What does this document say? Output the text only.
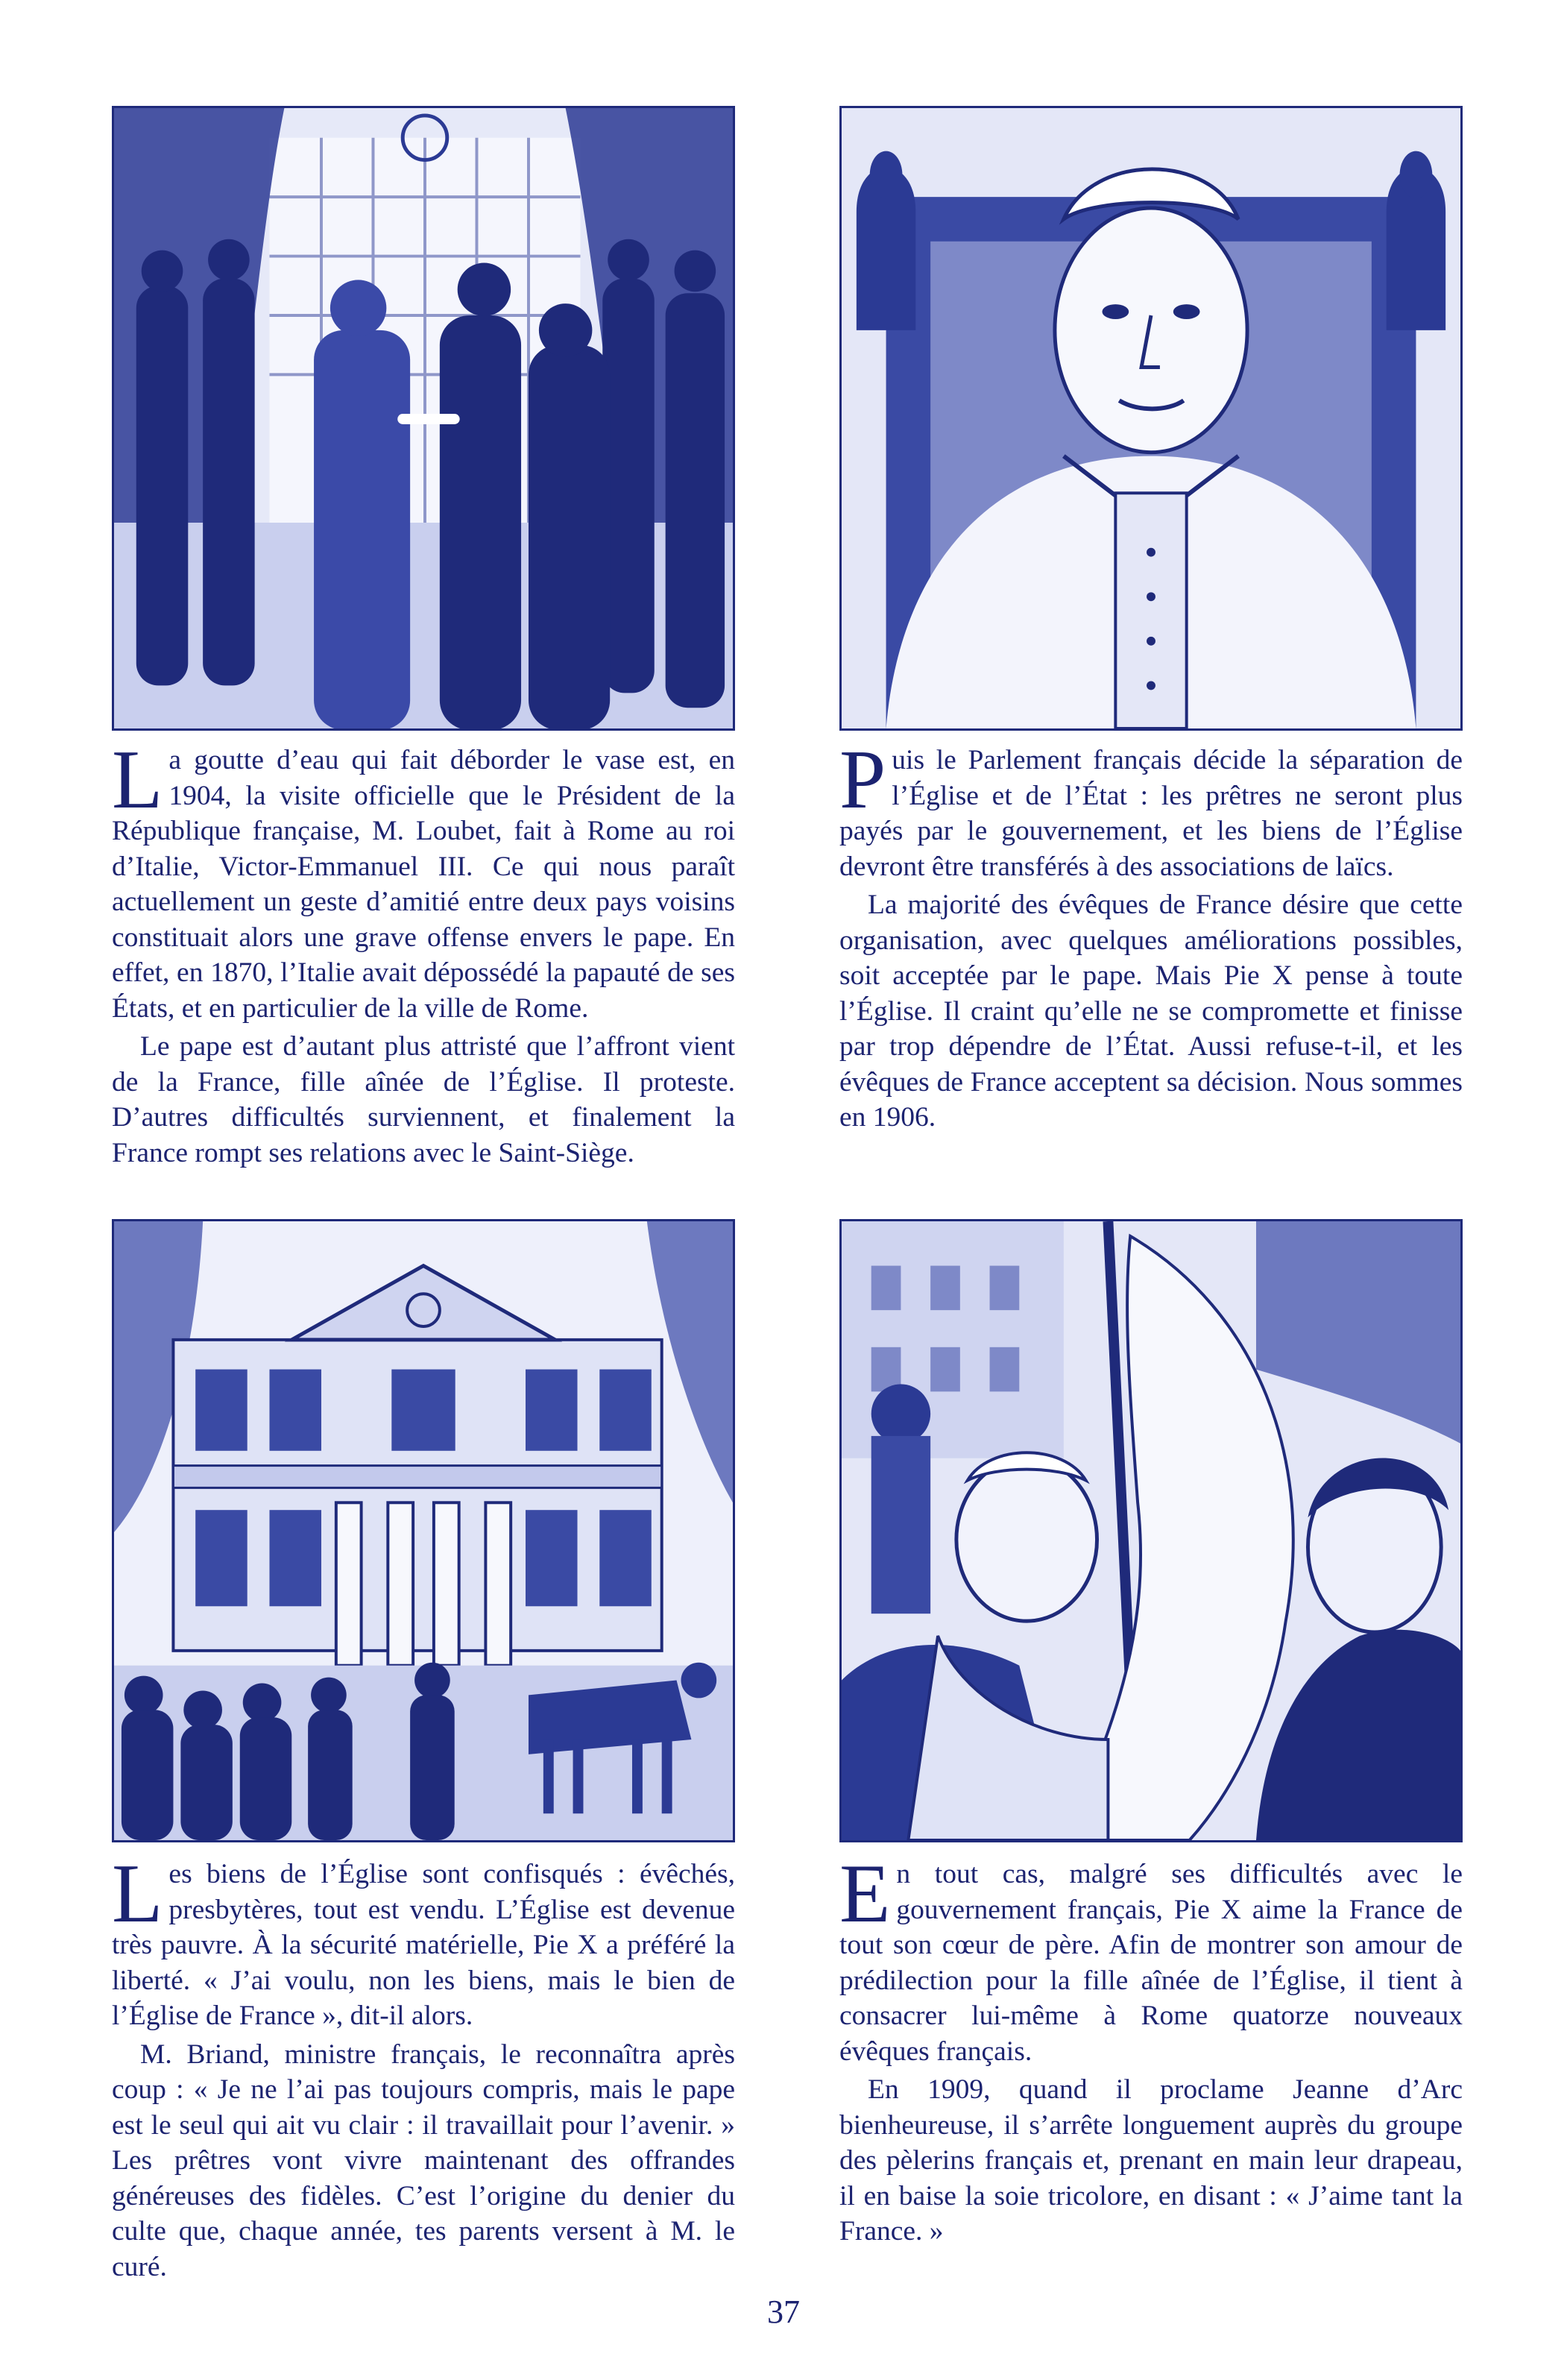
La goutte d’eau qui fait déborder le vase est, en 1904, la visite officielle que le Président de la République française, M. Loubet, fait à Rome au roi d’Italie, Victor-Emmanuel III. Ce qui nous paraît actuellement un geste d’amitié entre deux pays voisins constituait alors une grave offense envers le pape. En effet, en 1870, l’Italie avait dépossédé la papauté de ses États, et en particulier de la ville de Rome.

Le pape est d’autant plus attristé que l’affront vient de la France, fille aînée de l’Église. Il proteste. D’autres difficultés surviennent, et finalement la France rompt ses relations avec le Saint-Siège.

Puis le Parlement français décide la séparation de l’Église et de l’État : les prêtres ne seront plus payés par le gouvernement, et les biens de l’Église devront être transférés à des associations de laïcs.

La majorité des évêques de France désire que cette organisation, avec quelques améliorations possibles, soit acceptée par le pape. Mais Pie X pense à toute l’Église. Il craint qu’elle ne se compromette et finisse par trop dépendre de l’État. Aussi refuse-t-il, et les évêques de France acceptent sa décision. Nous sommes en 1906.

Les biens de l’Église sont confisqués : évêchés, presbytères, tout est vendu. L’Église est devenue très pauvre. À la sécurité matérielle, Pie X a préféré la liberté. « J’ai voulu, non les biens, mais le bien de l’Église de France », dit-il alors.

M. Briand, ministre français, le reconnaîtra après coup : « Je ne l’ai pas toujours compris, mais le pape est le seul qui ait vu clair : il travaillait pour l’avenir. » Les prêtres vont vivre maintenant des offrandes généreuses des fidèles. C’est l’origine du denier du culte que, chaque année, tes parents versent à M. le curé.

En tout cas, malgré ses difficultés avec le gouvernement français, Pie X aime la France de tout son cœur de père. Afin de montrer son amour de prédilection pour la fille aînée de l’Église, il tient à consacrer lui-même à Rome quatorze nouveaux évêques français.

En 1909, quand il proclame Jeanne d’Arc bienheureuse, il s’arrête longuement auprès du groupe des pèlerins français et, prenant en main leur drapeau, il en baise la soie tricolore, en disant : « J’aime tant la France. »

37
